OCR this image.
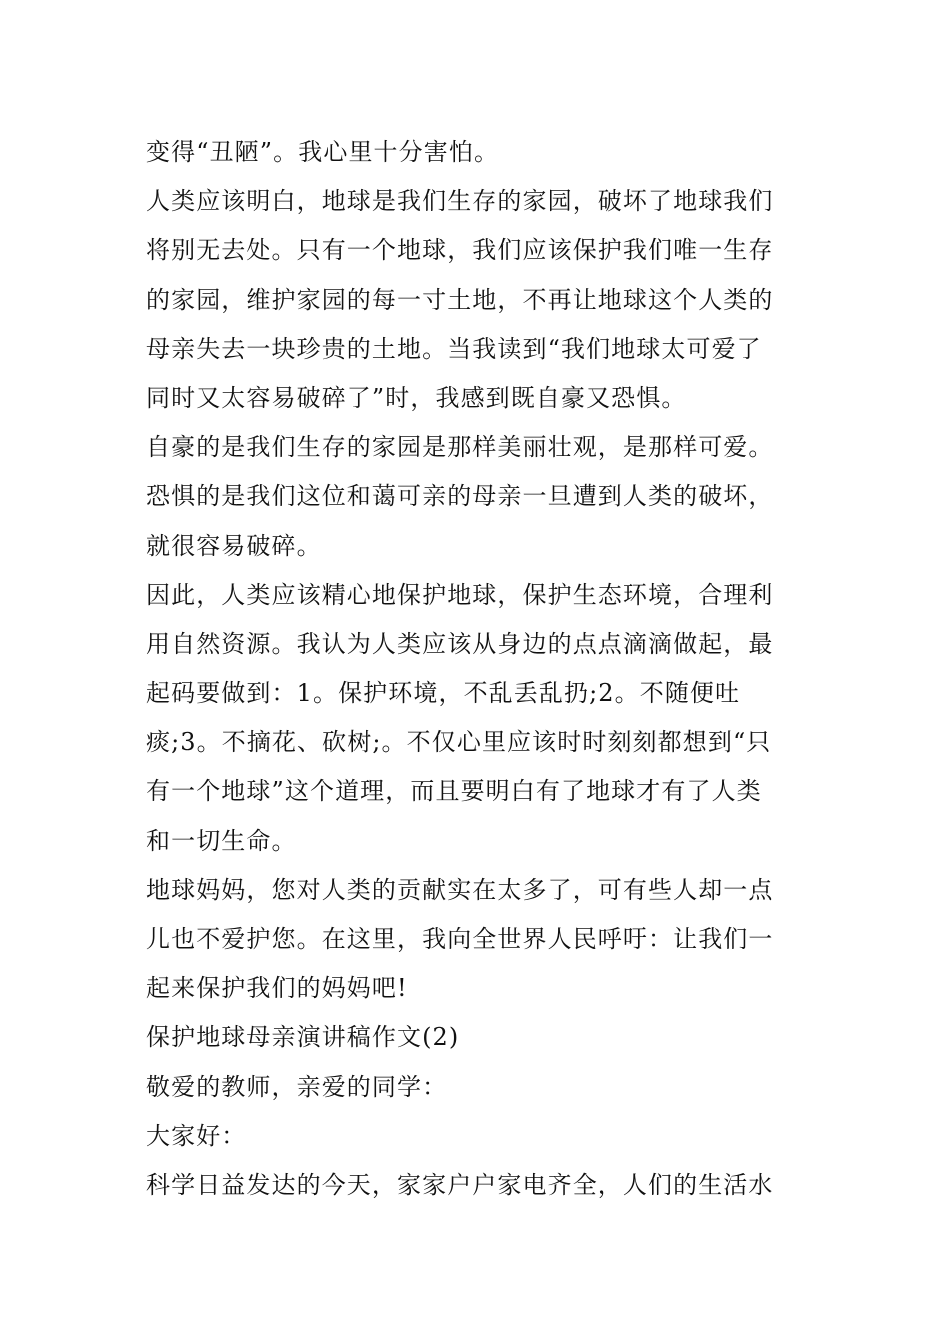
变得“丑陋”。我心里十分害怕。
人类应该明白，地球是我们生存的家园，破坏了地球我们
将别无去处。只有一个地球，我们应该保护我们唯一生存
的家园，维护家园的每一寸土地，不再让地球这个人类的
母亲失去一块珍贵的土地。当我读到“我们地球太可爱了
同时又太容易破碎了”时，我感到既自豪又恐惧。
自豪的是我们生存的家园是那样美丽壮观，是那样可爱。
恐惧的是我们这位和蔼可亲的母亲一旦遭到人类的破坏，
就很容易破碎。
因此，人类应该精心地保护地球，保护生态环境，合理利
用自然资源。我认为人类应该从身边的点点滴滴做起，最
起码要做到：1。保护环境，不乱丢乱扔;2。不随便吐
痰;3。不摘花、砍树;。不仅心里应该时时刻刻都想到“只
有一个地球”这个道理，而且要明白有了地球才有了人类
和一切生命。
地球妈妈，您对人类的贡献实在太多了，可有些人却一点
儿也不爱护您。在这里，我向全世界人民呼吁：让我们一
起来保护我们的妈妈吧!
保护地球母亲演讲稿作文(2)
敬爱的教师，亲爱的同学：
大家好：
科学日益发达的今天，家家户户家电齐全，人们的生活水
